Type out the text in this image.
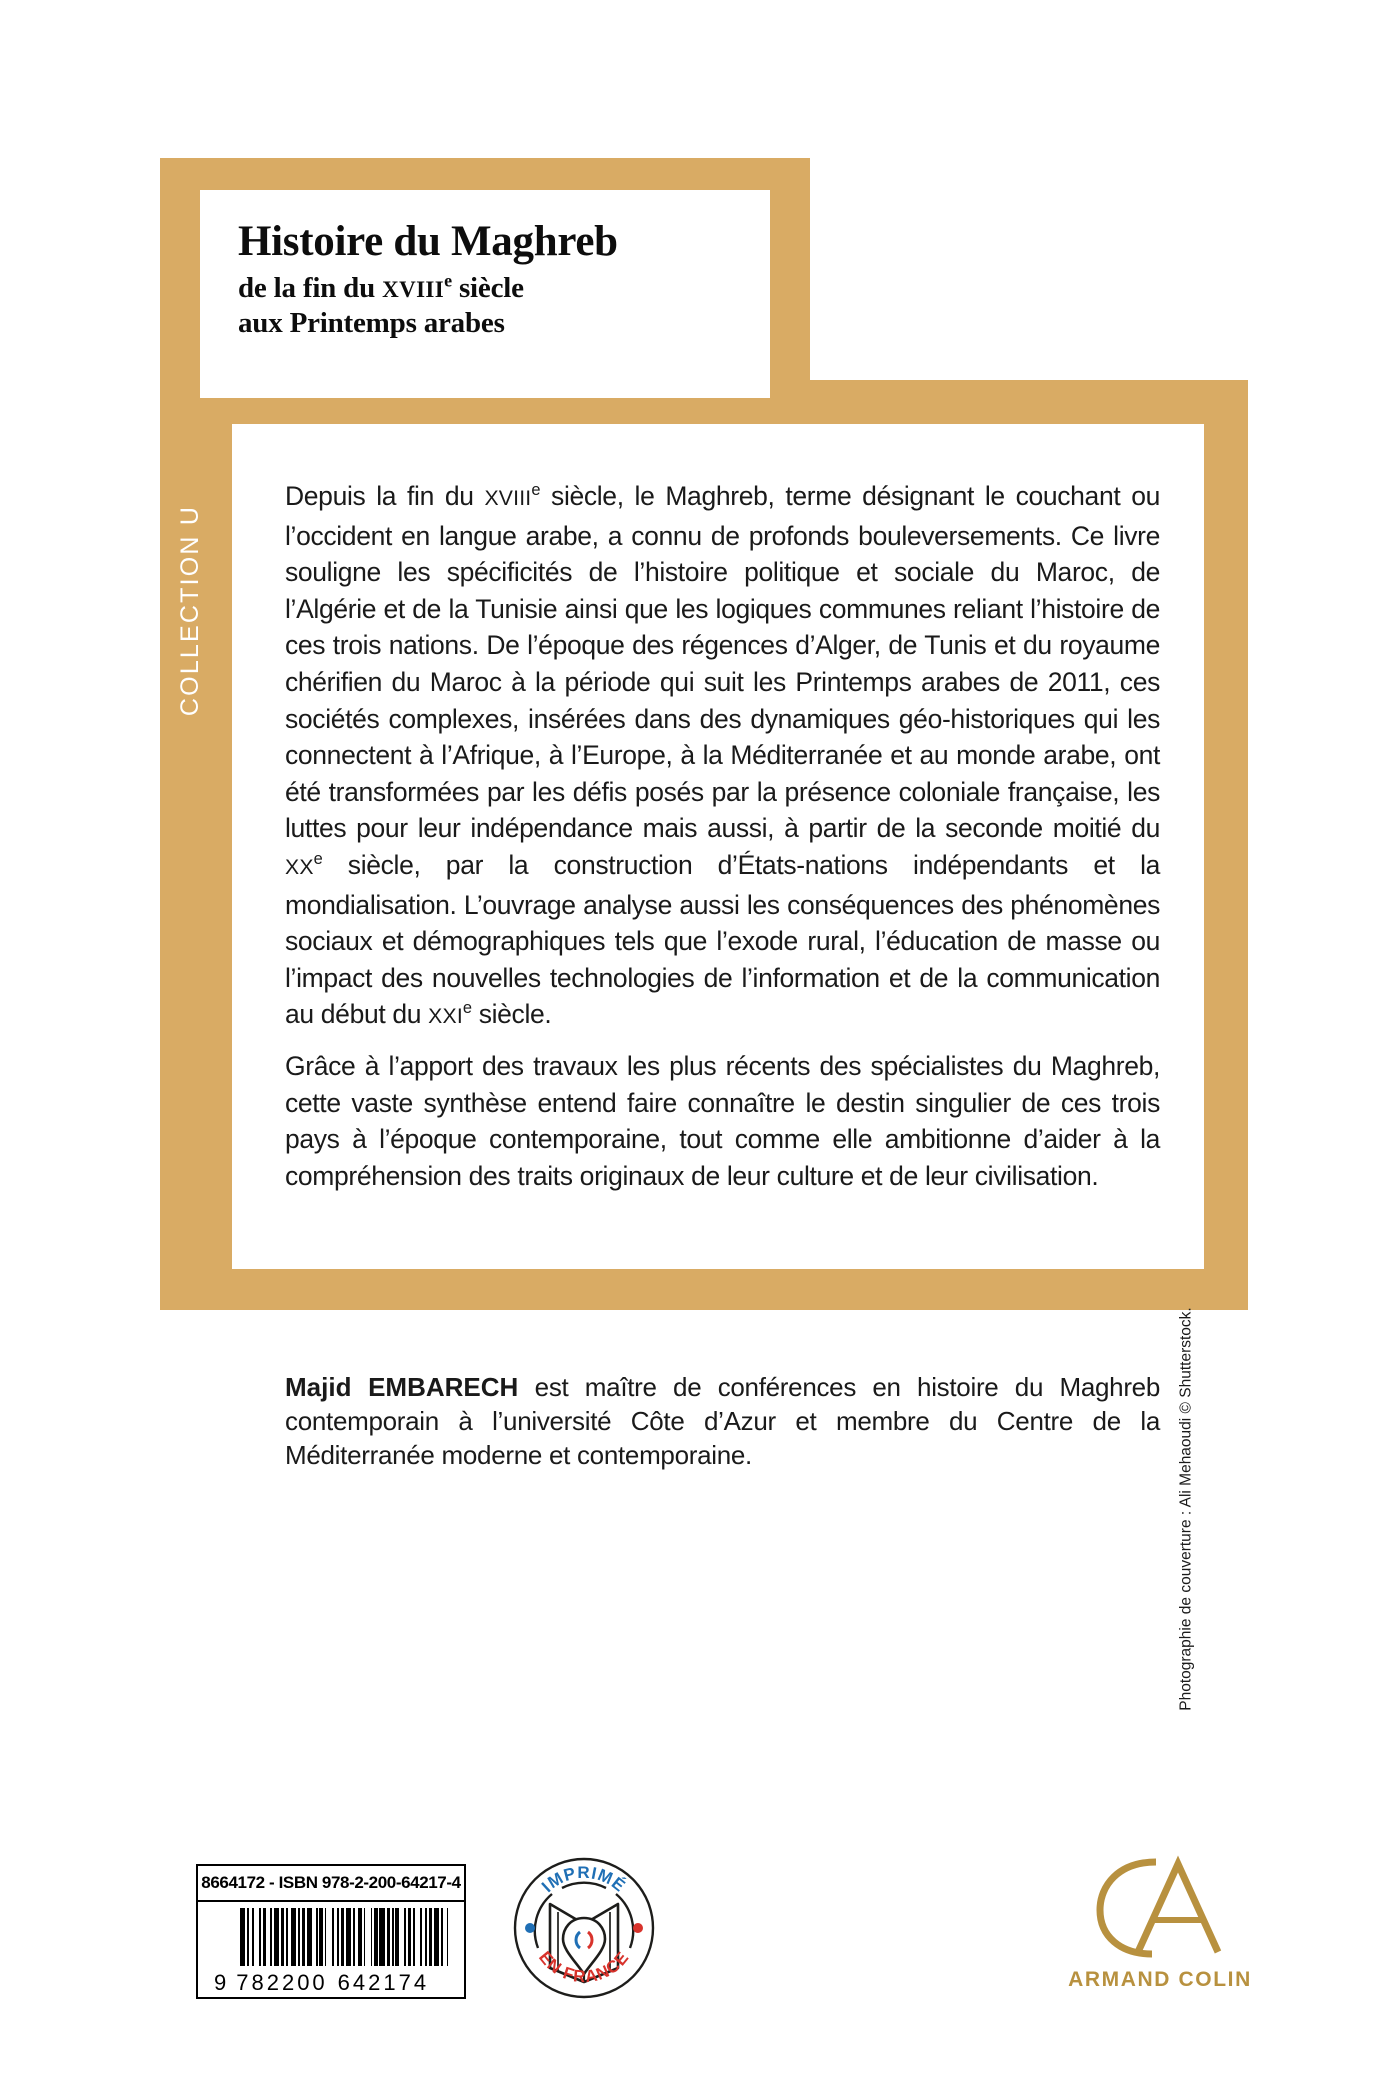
Histoire du Maghreb
de la fin du XVIIIe siècle
aux Printemps arabes
COLLECTION U

Depuis la fin du XVIIIe siècle, le Maghreb, terme désignant le couchant ou l’occident en langue arabe, a connu de profonds bouleversements. Ce livre souligne les spécificités de l’histoire politique et sociale du Maroc, de l’Algérie et de la Tunisie ainsi que les logiques communes reliant l’histoire de ces trois nations. De l’époque des régences d’Alger, de Tunis et du royaume chérifien du Maroc à la période qui suit les Printemps arabes de 2011, ces sociétés complexes, insérées dans des dynamiques géo-historiques qui les connectent à l’Afrique, à l’Europe, à la Méditerranée et au monde arabe, ont été transformées par les défis posés par la présence coloniale française, les luttes pour leur indépendance mais aussi, à partir de la seconde moitié du XXe siècle, par la construction d’États-nations indépendants et la mondialisation. L’ouvrage analyse aussi les conséquences des phénomènes sociaux et démographiques tels que l’exode rural, l’éducation de masse ou l’impact des nouvelles technologies de l’information et de la communication au début du XXIe siècle.

Grâce à l’apport des travaux les plus récents des spécialistes du Maghreb, cette vaste synthèse entend faire connaître le destin singulier de ces trois pays à l’époque contemporaine, tout comme elle ambitionne d’aider à la compréhension des traits originaux de leur culture et de leur civilisation.

Majid EMBARECH est maître de conférences en histoire du Maghreb contemporain à l’université Côte d’Azur et membre du Centre de la Méditerranée moderne et contemporaine.	Photographie de couverture : Ali Mehaoudi © Shutterstock.
8664172 - ISBN 978-2-200-64217-4
9 782200 642174
IMPRIMÉ
EN FRANCE
ARMAND COLIN
